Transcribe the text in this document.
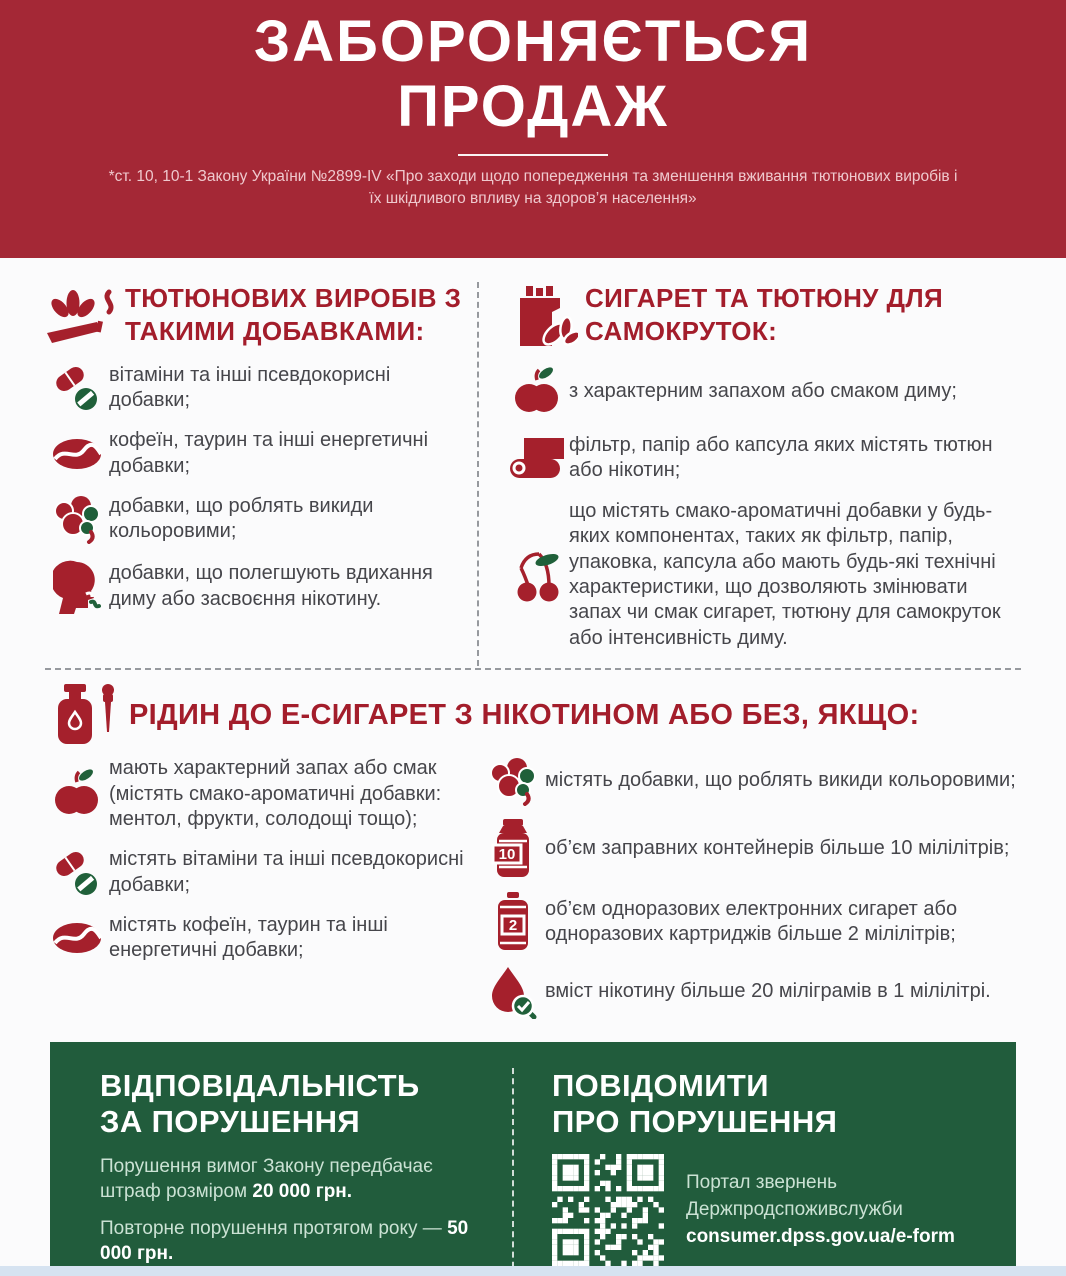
ЗАБОРОНЯЄТЬСЯ
ПРОДАЖ

*ст. 10, 10-1 Закону України №2899-IV «Про заходи щодо попередження та зменшення вживання тютюнових виробів і їх шкідливого впливу на здоров’я населення»

ТЮТЮНОВИХ ВИРОБІВ З ТАКИМИ ДОБАВКАМИ:
вітаміни та інші псевдокорисні добавки;
кофеїн, таурин та інші енергетичні добавки;
добавки, що роблять викиди кольоровими;
добавки, що полегшують вдихання диму або засвоєння нікотину.
СИГАРЕТ ТА ТЮТЮНУ ДЛЯ САМОКРУТОК:
з характерним запахом або смаком диму;
фільтр, папір або капсула яких містять тютюн або нікотин;
що містять смако-ароматичні добавки у будь-яких компонентах, таких як фільтр, папір, упаковка, капсула або мають будь-які технічні характеристики, що дозволяють змінювати запах чи смак сигарет, тютюну для самокруток або інтенсивність диму.
РІДИН ДО Е-СИГАРЕТ З НІКОТИНОМ АБО БЕЗ, ЯКЩО:
мають характерний запах або смак (містять смако-ароматичні добавки: ментол, фрукти, солодощі тощо);
містять вітаміни та інші псевдокорисні добавки;
містять кофеїн, таурин та інші енергетичні добавки;
містять добавки, що роблять викиди кольоровими;
10 об’єм заправних контейнерів більше 10 мілілітрів;
2
об’єм одноразових електронних сигарет або одноразових картриджів більше 2 мілілітрів;
вміст нікотину більше 20 міліграмів в 1 мілілітрі.
ВІДПОВІДАЛЬНІСТЬ
ЗА ПОРУШЕННЯ

Порушення вимог Закону передбачає штраф розміром 20 000 грн.

Повторне порушення протягом року — 50 000 грн.

ПОВІДОМИТИ
ПРО ПОРУШЕННЯ
Портал звернень
Держпродспоживслужби
consumer.dpss.gov.ua/e-form
